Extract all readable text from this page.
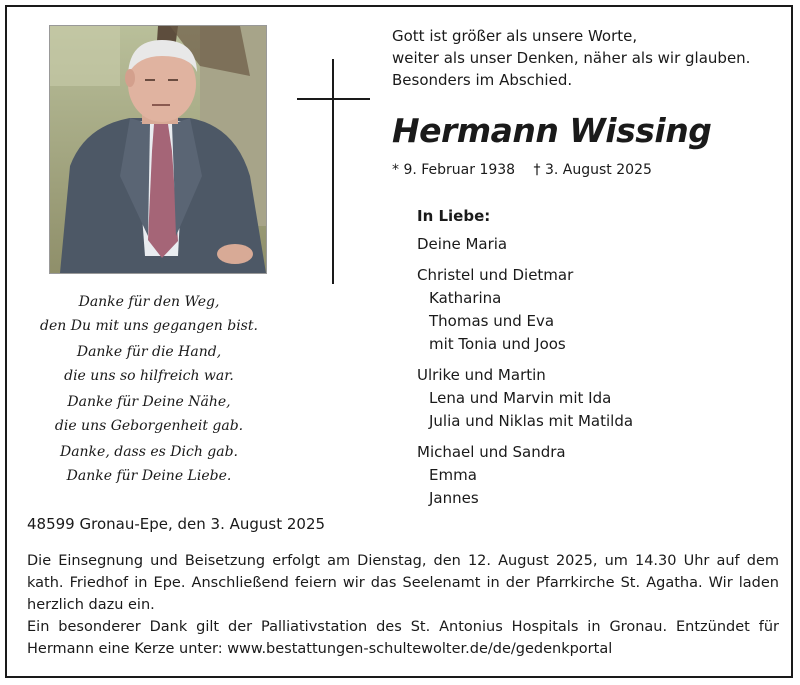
Gott ist größer als unsere Worte,
weiter als unser Denken, näher als wir glauben.
Besonders im Abschied.
Hermann Wissing
* 9. Februar 1938 † 3. August 2025
In Liebe:
Deine Maria
Christel und Dietmar
Katharina
Thomas und Eva
mit Tonia und Joos
Ulrike und Martin
Lena und Marvin mit Ida
Julia und Niklas mit Matilda
Michael und Sandra
Emma
Jannes
Danke für den Weg,
den Du mit uns gegangen bist.
Danke für die Hand,
die uns so hilfreich war.
Danke für Deine Nähe,
die uns Geborgenheit gab.
Danke, dass es Dich gab.
Danke für Deine Liebe.
48599 Gronau-Epe, den 3. August 2025

Die Einsegnung und Beisetzung erfolgt am Dienstag, den 12. August 2025, um 14.30 Uhr auf dem kath. Friedhof in Epe. Anschließend feiern wir das Seelenamt in der Pfarrkirche St. Agatha. Wir laden herzlich dazu ein.

Ein besonderer Dank gilt der Palliativstation des St. Antonius Hospitals in Gronau. Entzündet für Hermann eine Kerze unter: www.bestattungen-schultewolter.de/de/gedenkportal
